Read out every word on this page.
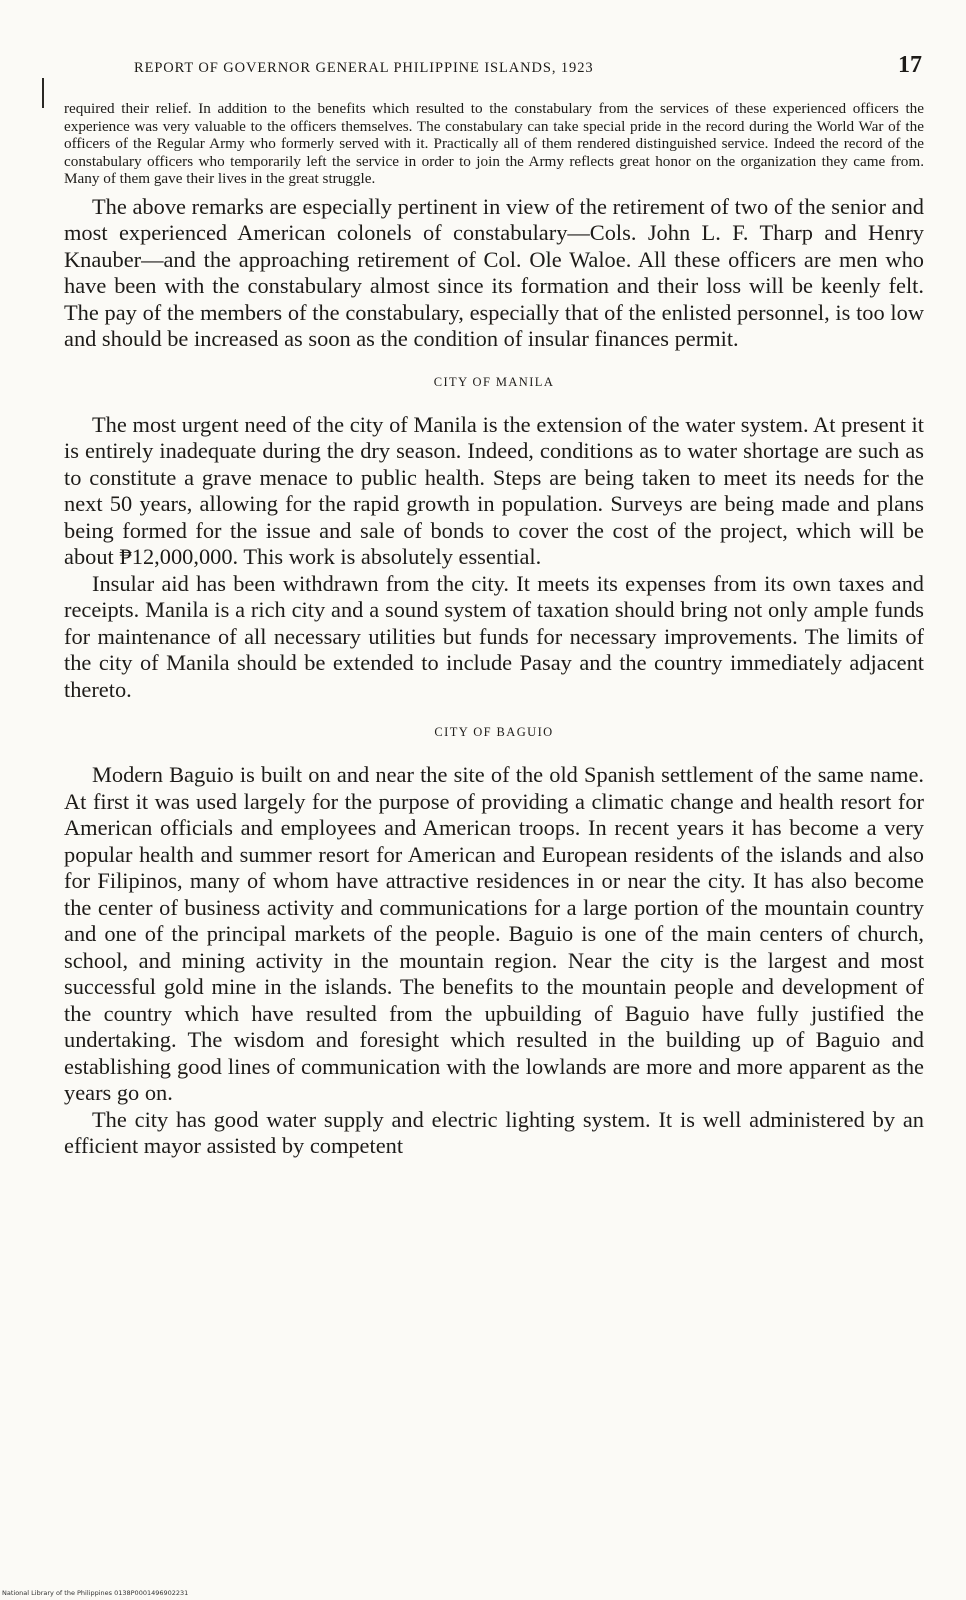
REPORT OF GOVERNOR GENERAL PHILIPPINE ISLANDS, 1923	17

required their relief. In addition to the benefits which resulted to the constabulary from the services of these experienced officers the experience was very valuable to the officers themselves. The constabulary can take special pride in the record during the World War of the officers of the Regular Army who formerly served with it. Practically all of them rendered distinguished service. Indeed the record of the constabulary officers who temporarily left the service in order to join the Army reflects great honor on the organization they came from. Many of them gave their lives in the great struggle.

The above remarks are especially pertinent in view of the retirement of two of the senior and most experienced American colonels of constabulary—Cols. John L. F. Tharp and Henry Knauber—and the approaching retirement of Col. Ole Waloe. All these officers are men who have been with the constabulary almost since its formation and their loss will be keenly felt. The pay of the members of the constabulary, especially that of the enlisted personnel, is too low and should be increased as soon as the condition of insular finances permit.

CITY OF MANILA

The most urgent need of the city of Manila is the extension of the water system. At present it is entirely inadequate during the dry season. Indeed, conditions as to water shortage are such as to constitute a grave menace to public health. Steps are being taken to meet its needs for the next 50 years, allowing for the rapid growth in population. Surveys are being made and plans being formed for the issue and sale of bonds to cover the cost of the project, which will be about ₱12,000,000. This work is absolutely essential.

Insular aid has been withdrawn from the city. It meets its expenses from its own taxes and receipts. Manila is a rich city and a sound system of taxation should bring not only ample funds for maintenance of all necessary utilities but funds for necessary improvements. The limits of the city of Manila should be extended to include Pasay and the country immediately adjacent thereto.

CITY OF BAGUIO

Modern Baguio is built on and near the site of the old Spanish settlement of the same name. At first it was used largely for the purpose of providing a climatic change and health resort for American officials and employees and American troops. In recent years it has become a very popular health and summer resort for American and European residents of the islands and also for Filipinos, many of whom have attractive residences in or near the city. It has also become the center of business activity and communications for a large portion of the mountain country and one of the principal markets of the people. Baguio is one of the main centers of church, school, and mining activity in the mountain region. Near the city is the largest and most successful gold mine in the islands. The benefits to the mountain people and development of the country which have resulted from the upbuilding of Baguio have fully justified the undertaking. The wisdom and foresight which resulted in the building up of Baguio and establishing good lines of communication with the lowlands are more and more apparent as the years go on.

The city has good water supply and electric lighting system. It is well administered by an efficient mayor assisted by competent

National Library of the Philippines 0138P0001496902231
